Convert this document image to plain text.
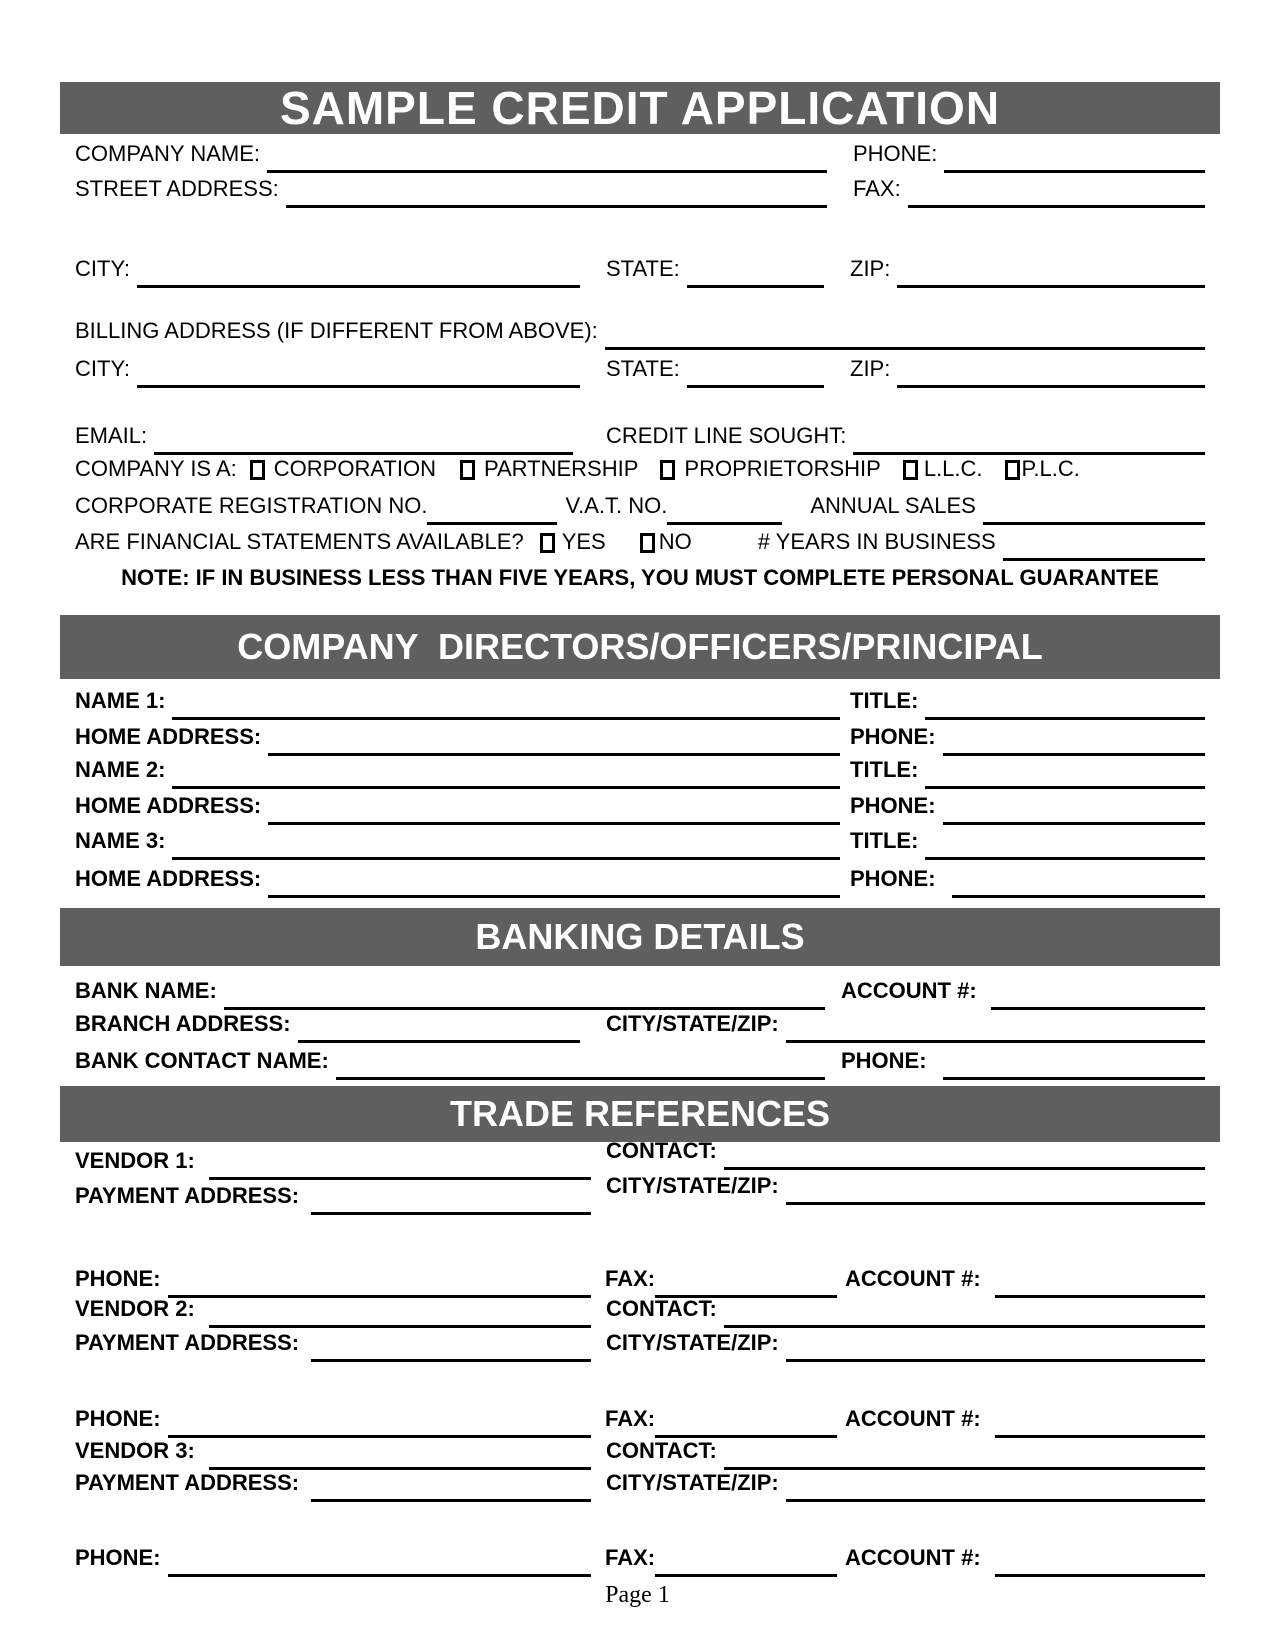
SAMPLE CREDIT APPLICATION
COMPANY NAME:	PHONE:
STREET ADDRESS:	FAX:
CITY:	STATE:	ZIP:
BILLING ADDRESS (IF DIFFERENT FROM ABOVE):
CITY:	STATE:	ZIP:
EMAIL:	CREDIT LINE SOUGHT:
COMPANY IS A:	CORPORATION PARTNERSHIP PROPRIETORSHIP L.L.C. P.L.C.
CORPORATE REGISTRATION NO.	V.A.T. NO.	ANNUAL SALES
ARE FINANCIAL STATEMENTS AVAILABLE? YES NO	# YEARS IN BUSINESS
NOTE: IF IN BUSINESS LESS THAN FIVE YEARS, YOU MUST COMPLETE PERSONAL GUARANTEE
COMPANY  DIRECTORS/OFFICERS/PRINCIPAL
NAME 1:	TITLE:
HOME ADDRESS:	PHONE:
NAME 2:	TITLE:
HOME ADDRESS:	PHONE:
NAME 3:	TITLE:
HOME ADDRESS:	PHONE:
BANKING DETAILS
BANK NAME:	ACCOUNT #:
BRANCH ADDRESS:	CITY/STATE/ZIP:
BANK CONTACT NAME:	PHONE:
TRADE REFERENCES
VENDOR 1:	CONTACT:
PAYMENT ADDRESS:	CITY/STATE/ZIP:
PHONE:	FAX:	ACCOUNT #:
VENDOR 2:	CONTACT:
PAYMENT ADDRESS:	CITY/STATE/ZIP:
PHONE:	FAX:	ACCOUNT #:
VENDOR 3:	CONTACT:
PAYMENT ADDRESS:	CITY/STATE/ZIP:
PHONE:	FAX:	ACCOUNT #:
Page 1
